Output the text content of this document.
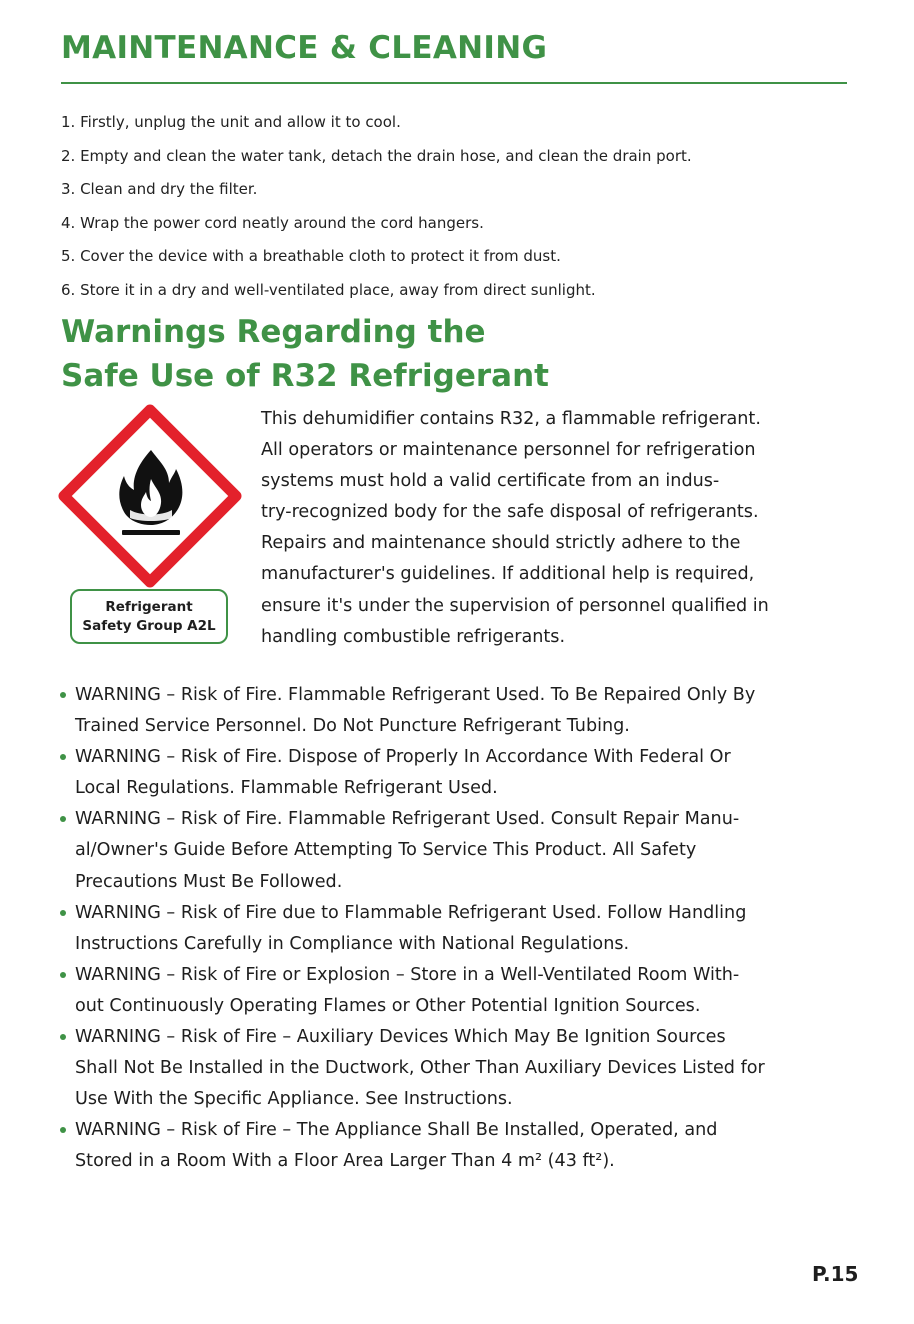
MAINTENANCE & CLEANING
1. Firstly, unplug the unit and allow it to cool.
2. Empty and clean the water tank, detach the drain hose, and clean the drain port.
3. Clean and dry the filter.
4. Wrap the power cord neatly around the cord hangers.
5. Cover the device with a breathable cloth to protect it from dust.
6. Store it in a dry and well-ventilated place, away from direct sunlight.
Warnings Regarding the
Safe Use of R32 Refrigerant
Refrigerant
Safety Group A2L

This dehumidifier contains R32, a flammable refrigerant.
All operators or maintenance personnel for refrigeration
systems must hold a valid certificate from an indus-
try-recognized body for the safe disposal of refrigerants.
Repairs and maintenance should strictly adhere to the
manufacturer's guidelines. If additional help is required,
ensure it's under the supervision of personnel qualified in
handling combustible refrigerants.

WARNING – Risk of Fire. Flammable Refrigerant Used. To Be Repaired Only By
Trained Service Personnel. Do Not Puncture Refrigerant Tubing.
WARNING – Risk of Fire. Dispose of Properly In Accordance With Federal Or
Local Regulations. Flammable Refrigerant Used.
WARNING – Risk of Fire. Flammable Refrigerant Used. Consult Repair Manu-
al/Owner's Guide Before Attempting To Service This Product. All Safety
Precautions Must Be Followed.
WARNING – Risk of Fire due to Flammable Refrigerant Used. Follow Handling
Instructions Carefully in Compliance with National Regulations.
WARNING – Risk of Fire or Explosion – Store in a Well-Ventilated Room With-
out Continuously Operating Flames or Other Potential Ignition Sources.
WARNING – Risk of Fire – Auxiliary Devices Which May Be Ignition Sources
Shall Not Be Installed in the Ductwork, Other Than Auxiliary Devices Listed for
Use With the Specific Appliance. See Instructions.
WARNING – Risk of Fire – The Appliance Shall Be Installed, Operated, and
Stored in a Room With a Floor Area Larger Than 4 m² (43 ft²).

P.15
